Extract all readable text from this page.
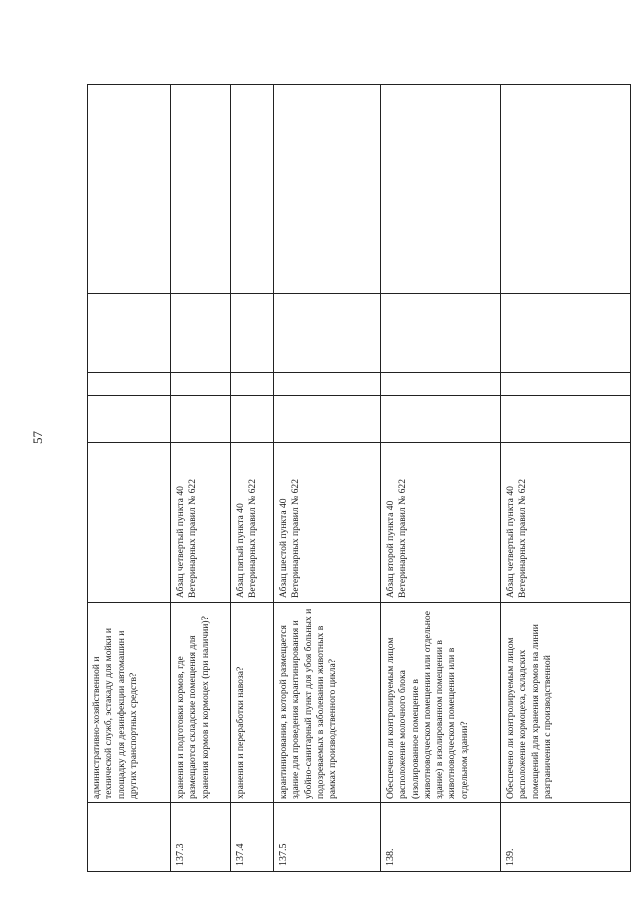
57
административно-хозяйственной и технической служб, эстакаду для мойки и площадку для дезинфекции автомашин и других транспортных средств?
137.3
хранения и подготовки кормов, где размещаются складские помещения для хранения кормов и кормоцех (при наличии)?
Абзац четвертый пункта 40 Ветеринарных правил № 622
137.4
хранения и переработки навоза?
Абзац пятый пункта 40 Ветеринарных правил № 622
137.5
карантинирования, в которой размещается здание для проведения карантинирования и убойно-санитарный пункт для убоя больных и подозреваемых в заболевании животных в рамках производственного цикла?
Абзац шестой пункта 40 Ветеринарных правил № 622
138.
Обеспечено ли контролируемым лицом расположение молочного блока (изолированное помещение в животноводческом помещении или отдельное здание) в изолированном помещении в животноводческом помещении или в отдельном здании?
Абзац второй пункта 40 Ветеринарных правил № 622
139.
Обеспечено ли контролируемым лицом расположение кормоцеха, складских помещений для хранения кормов на линии разграничения с производственной
Абзац четвертый пункта 40 Ветеринарных правил № 622
